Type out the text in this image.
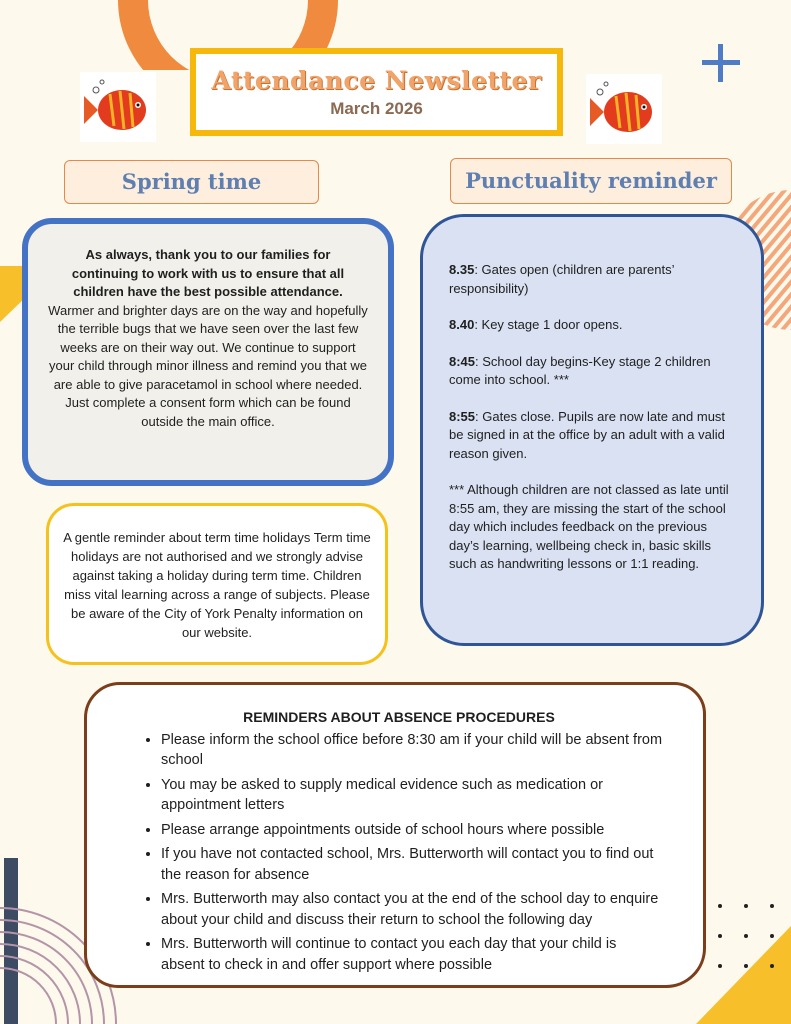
Attendance Newsletter
March 2026
Spring time	Punctuality reminder

As always, thank you to our families for continuing to work with us to ensure that all children have the best possible attendance.

Warmer and brighter days are on the way and hopefully the terrible bugs that we have seen over the last few weeks are on their way out. We continue to support your child through minor illness and remind you that we are able to give paracetamol in school where needed. Just complete a consent form which can be found outside the main office.

A gentle reminder about term time holidays Term time holidays are not authorised and we strongly advise against taking a holiday during term time. Children miss vital learning across a range of subjects. Please be aware of the City of York Penalty information on our website.

8.35: Gates open (children are parents’ responsibility)

8.40: Key stage 1 door opens.

8:45: School day begins-Key stage 2 children come into school. ***

8:55: Gates close. Pupils are now late and must be signed in at the office by an adult with a valid reason given.

*** Although children are not classed as late until 8:55 am, they are missing the start of the school day which includes feedback on the previous day’s learning, wellbeing check in, basic skills such as handwriting lessons or 1:1 reading.

REMINDERS ABOUT ABSENCE PROCEDURES
• Please inform the school office before 8:30 am if your child will be absent from school
• You may be asked to supply medical evidence such as medication or appointment letters
• Please arrange appointments outside of school hours where possible
• If you have not contacted school, Mrs. Butterworth will contact you to find out the reason for absence
• Mrs. Butterworth may also contact you at the end of the school day to enquire about your child and discuss their return to school the following day
• Mrs. Butterworth will continue to contact you each day that your child is absent to check in and offer support where possible
